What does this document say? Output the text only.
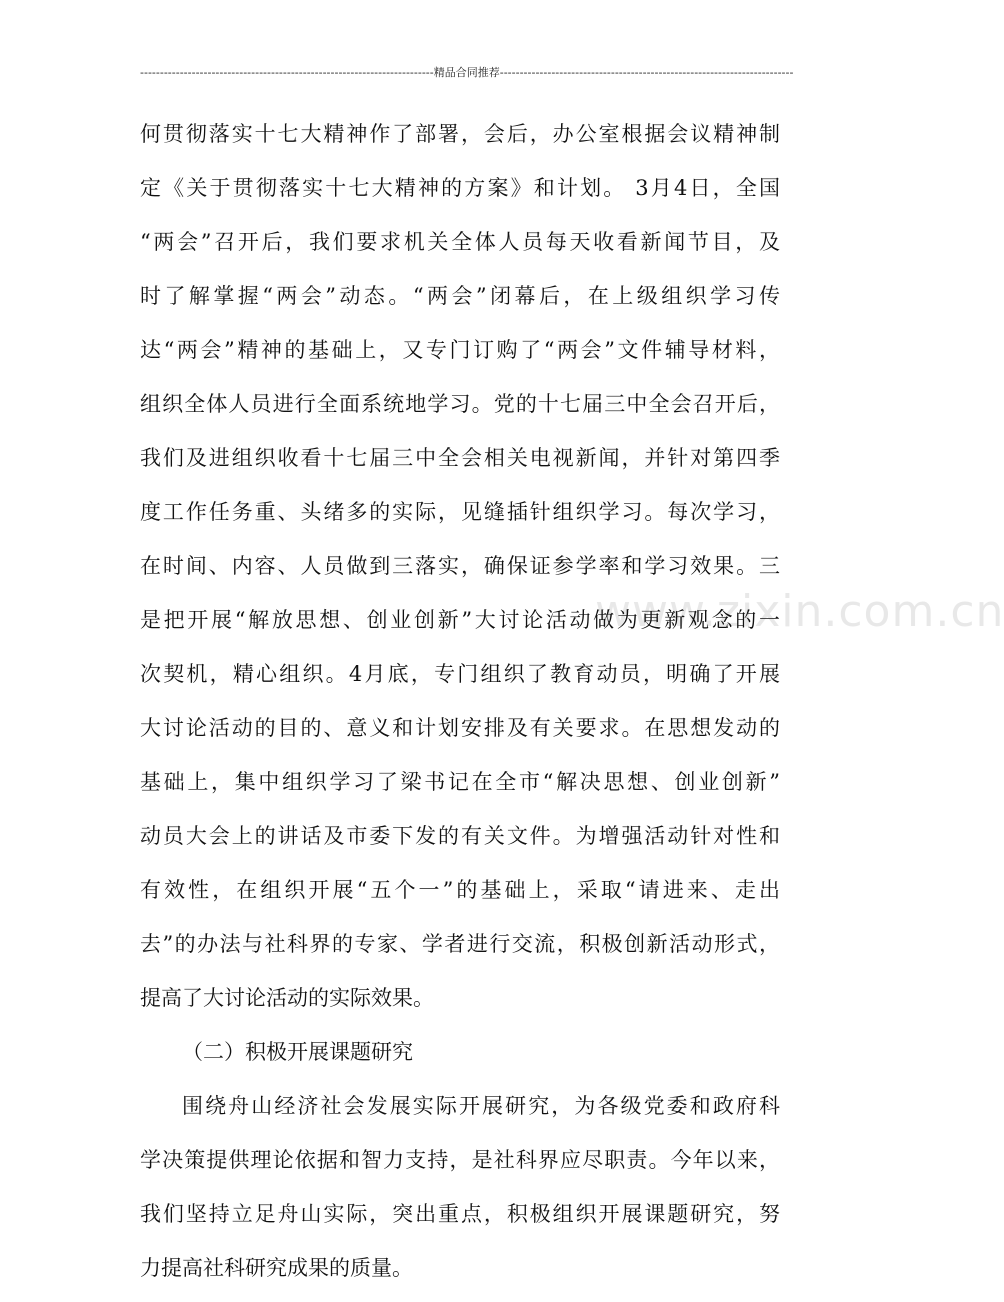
--------------------------------------------------------------------------精品合同推荐--------------------------------------------------------------------------
www.zixin.com.cn
何贯彻落实十七大精神作了部署，会后，办公室根据会议精神制
定《关于贯彻落实十七大精神的方案》和计划。 3月4日，全国
“两会”召开后，我们要求机关全体人员每天收看新闻节目，及
时了解掌握“两会”动态。“两会”闭幕后，在上级组织学习传
达“两会”精神的基础上，又专门订购了“两会”文件辅导材料，
组织全体人员进行全面系统地学习。党的十七届三中全会召开后，
我们及进组织收看十七届三中全会相关电视新闻，并针对第四季
度工作任务重、头绪多的实际，见缝插针组织学习。每次学习，
在时间、内容、人员做到三落实，确保证参学率和学习效果。三
是把开展“解放思想、创业创新”大讨论活动做为更新观念的一
次契机，精心组织。4月底，专门组织了教育动员，明确了开展
大讨论活动的目的、意义和计划安排及有关要求。在思想发动的
基础上，集中组织学习了梁书记在全市“解决思想、创业创新”
动员大会上的讲话及市委下发的有关文件。为增强活动针对性和
有效性，在组织开展“五个一”的基础上，采取“请进来、走出
去”的办法与社科界的专家、学者进行交流，积极创新活动形式，
提高了大讨论活动的实际效果。
（二）积极开展课题研究
围绕舟山经济社会发展实际开展研究，为各级党委和政府科
学决策提供理论依据和智力支持，是社科界应尽职责。今年以来，
我们坚持立足舟山实际，突出重点，积极组织开展课题研究，努
力提高社科研究成果的质量。
